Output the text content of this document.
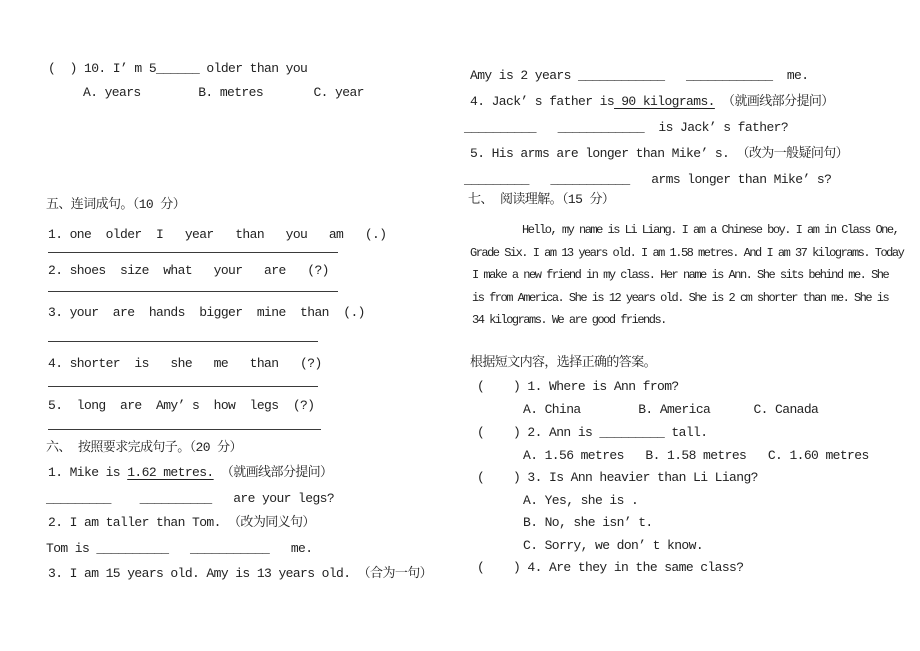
(  ) 10. I’ m 5______ older than you
A. years        B. metres       C. year
五、连词成句。（10 分）
1. one  older  I   year   than   you   am   (.)
2. shoes  size  what   your   are   (?)
3. your  are  hands  bigger  mine  than  (.)
4. shorter  is   she   me   than   (?)
5.  long  are  Amy’ s  how  legs  (?)
六、 按照要求完成句子。（20 分）
1. Mike is 1.62 metres. （就画线部分提问）
_________    __________   are your legs?
2. I am taller than Tom. （改为同义句）
Tom is __________   ___________   me.
3. I am 15 years old. Amy is 13 years old. （合为一句）
Amy is 2 years ____________   ____________  me.
4. Jack’ s father is 90 kilograms. （就画线部分提问）
__________   ____________  is Jack’ s father?
5. His arms are longer than Mike’ s. （改为一般疑问句）
_________   ___________   arms longer than Mike’ s?
七、 阅读理解。（15 分）
Hello, my name is Li Liang. I am a Chinese boy. I am in Class One,
Grade Six. I am 13 years old. I am 1.58 metres. And I am 37 kilograms. Today
I make a new friend in my class. Her name is Ann. She sits behind me. She
is from America. She is 12 years old. She is 2 cm shorter than me. She is
34 kilograms. We are good friends.
根据短文内容，选择正确的答案。
(    ) 1. Where is Ann from?
A. China        B. America      C. Canada
(    ) 2. Ann is _________ tall.
A. 1.56 metres   B. 1.58 metres   C. 1.60 metres
(    ) 3. Is Ann heavier than Li Liang?
A. Yes, she is .
B. No, she isn’ t.
C. Sorry, we don’ t know.
(    ) 4. Are they in the same class?
